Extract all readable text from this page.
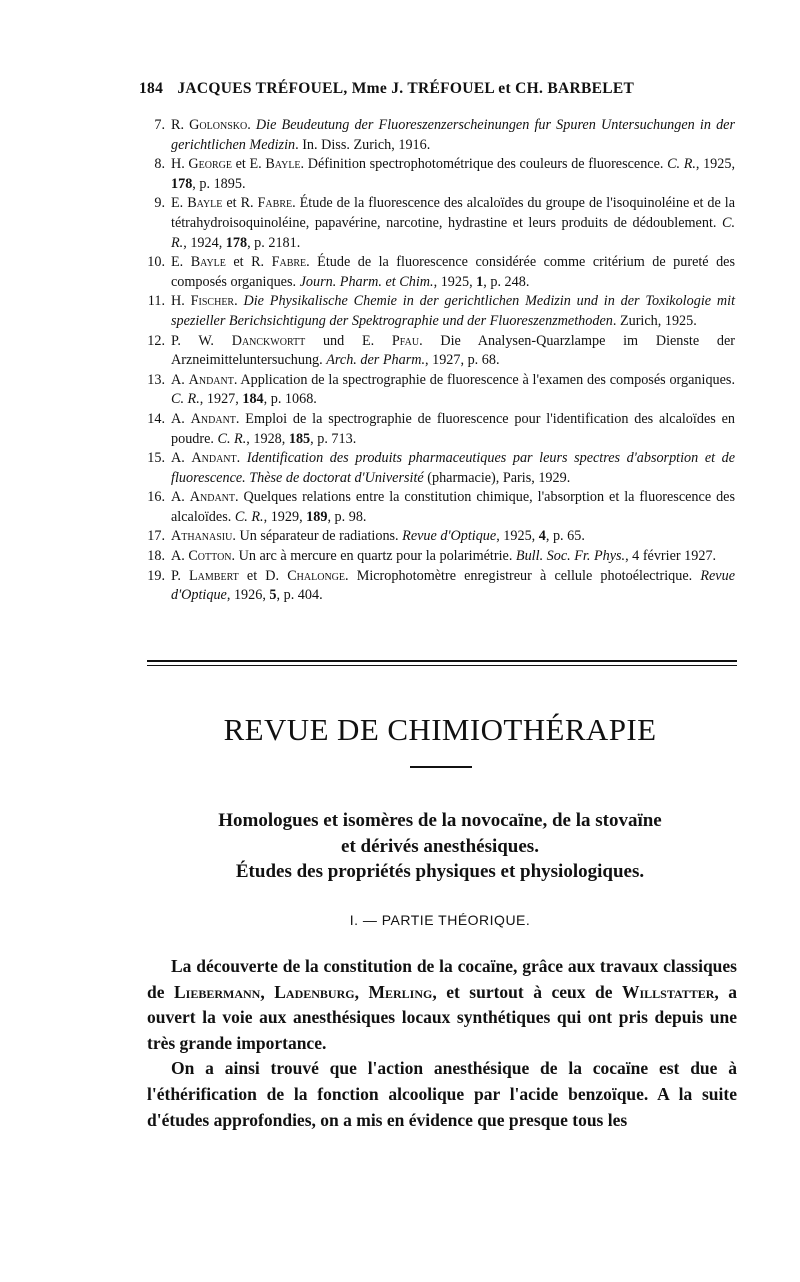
184 JACQUES TRÉFOUEL, Mme J. TRÉFOUEL et CH. BARBELET
7. R. Golonsko. Die Beudeutung der Fluoreszenzerscheinungen fur Spuren Untersuchungen in der gerichtlichen Medizin. In. Diss. Zurich, 1916.
8. H. George et E. Bayle. Définition spectrophotométrique des couleurs de fluorescence. C. R., 1925, 178, p. 1895.
9. E. Bayle et R. Fabre. Étude de la fluorescence des alcaloïdes du groupe de l'isoquinoléine et de la tétrahydroisoquinoléine, papavérine, narcotine, hydrastine et leurs produits de dédoublement. C. R., 1924, 178, p. 2181.
10. E. Bayle et R. Fabre. Étude de la fluorescence considérée comme critérium de pureté des composés organiques. Journ. Pharm. et Chim., 1925, 1, p. 248.
11. H. Fischer. Die Physikalische Chemie in der gerichtlichen Medizin und in der Toxikologie mit spezieller Berichsichtigung der Spektrographie und der Fluoreszenzmethoden. Zurich, 1925.
12. P. W. Danckwortt und E. Pfau. Die Analysen-Quarzlampe im Dienste der Arzneimitteluntersuchung. Arch. der Pharm., 1927, p. 68.
13. A. Andant. Application de la spectrographie de fluorescence à l'examen des composés organiques. C. R., 1927, 184, p. 1068.
14. A. Andant. Emploi de la spectrographie de fluorescence pour l'identification des alcaloïdes en poudre. C. R., 1928, 185, p. 713.
15. A. Andant. Identification des produits pharmaceutiques par leurs spectres d'absorption et de fluorescence. Thèse de doctorat d'Université (pharmacie), Paris, 1929.
16. A. Andant. Quelques relations entre la constitution chimique, l'absorption et la fluorescence des alcaloïdes. C. R., 1929, 189, p. 98.
17. Athanasiu. Un séparateur de radiations. Revue d'Optique, 1925, 4, p. 65.
18. A. Cotton. Un arc à mercure en quartz pour la polarimétrie. Bull. Soc. Fr. Phys., 4 février 1927.
19. P. Lambert et D. Chalonge. Microphotomètre enregistreur à cellule photoélectrique. Revue d'Optique, 1926, 5, p. 404.
REVUE DE CHIMIOTHÉRAPIE
Homologues et isomères de la novocaïne, de la stovaïne
et dérivés anesthésiques.
Études des propriétés physiques et physiologiques.
I. — PARTIE THÉORIQUE.

La découverte de la constitution de la cocaïne, grâce aux travaux classiques de Liebermann, Ladenburg, Merling, et surtout à ceux de Willstatter, a ouvert la voie aux anesthésiques locaux synthétiques qui ont pris depuis une très grande importance.

On a ainsi trouvé que l'action anesthésique de la cocaïne est due à l'éthérification de la fonction alcoolique par l'acide benzoïque. A la suite d'études approfondies, on a mis en évidence que presque tous les
